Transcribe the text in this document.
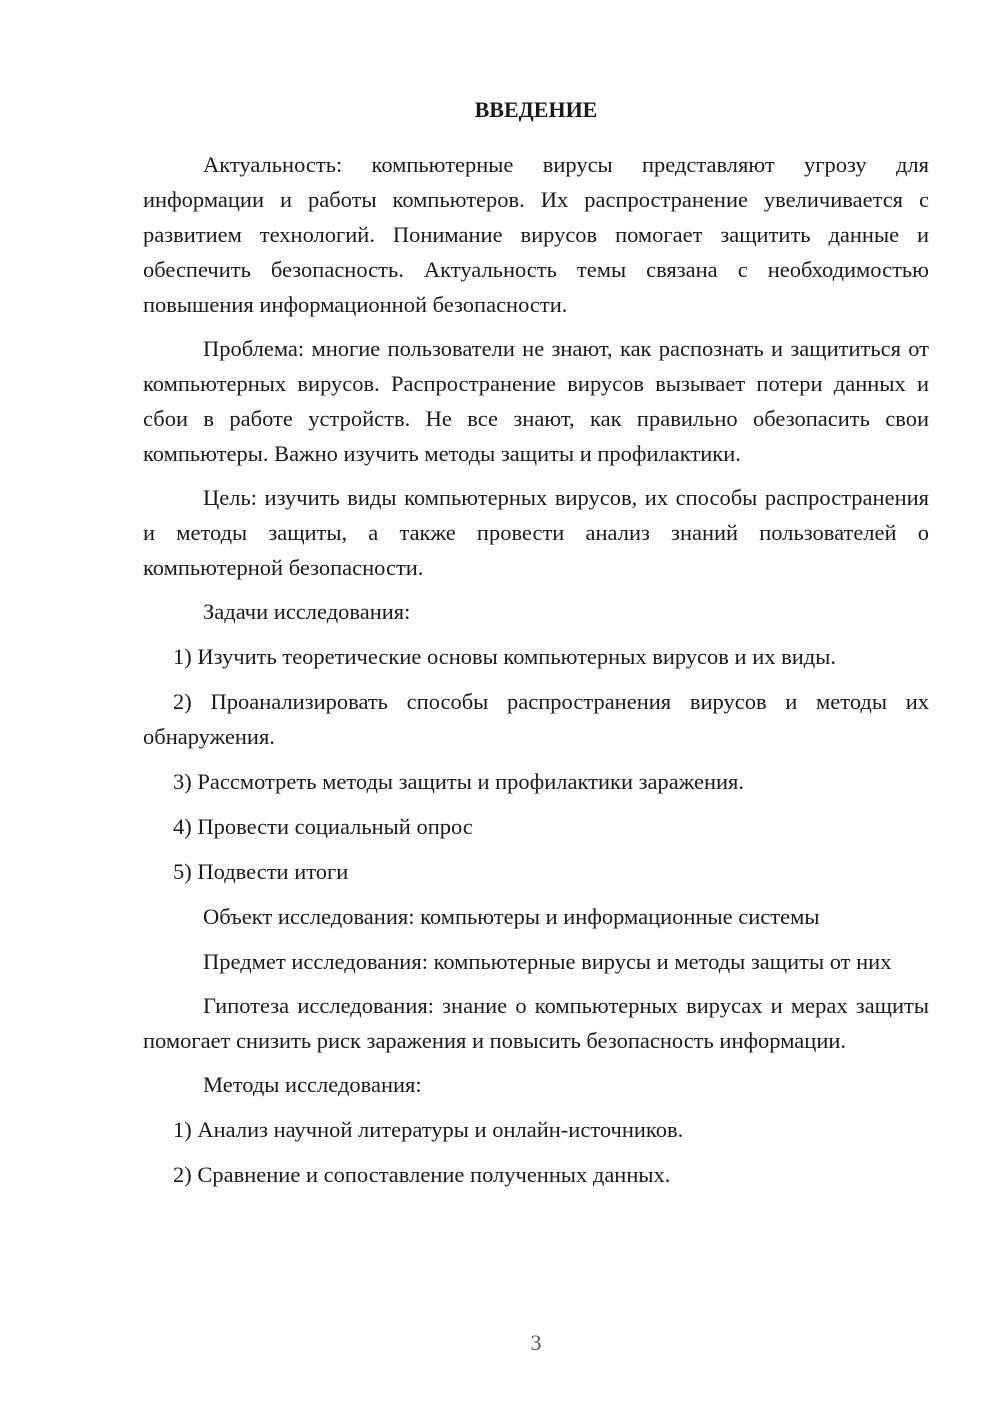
ВВЕДЕНИЕ

Актуальность: компьютерные вирусы представляют угрозу для информации и работы компьютеров. Их распространение увеличивается с развитием технологий. Понимание вирусов помогает защитить данные и обеспечить безопасность. Актуальность темы связана с необходимостью повышения информационной безопасности.

Проблема: многие пользователи не знают, как распознать и защититься от компьютерных вирусов. Распространение вирусов вызывает потери данных и сбои в работе устройств. Не все знают, как правильно обезопасить свои компьютеры. Важно изучить методы защиты и профилактики.

Цель: изучить виды компьютерных вирусов, их способы распространения и методы защиты, а также провести анализ знаний пользователей о компьютерной безопасности.

Задачи исследования:

1) Изучить теоретические основы компьютерных вирусов и их виды.

2) Проанализировать способы распространения вирусов и методы их обнаружения.

3) Рассмотреть методы защиты и профилактики заражения.

4) Провести социальный опрос

5) Подвести итоги

Объект исследования: компьютеры и информационные системы

Предмет исследования: компьютерные вирусы и методы защиты от них

Гипотеза исследования: знание о компьютерных вирусах и мерах защиты помогает снизить риск заражения и повысить безопасность информации.

Методы исследования:

1) Анализ научной литературы и онлайн-источников.

2) Сравнение и сопоставление полученных данных.

3
